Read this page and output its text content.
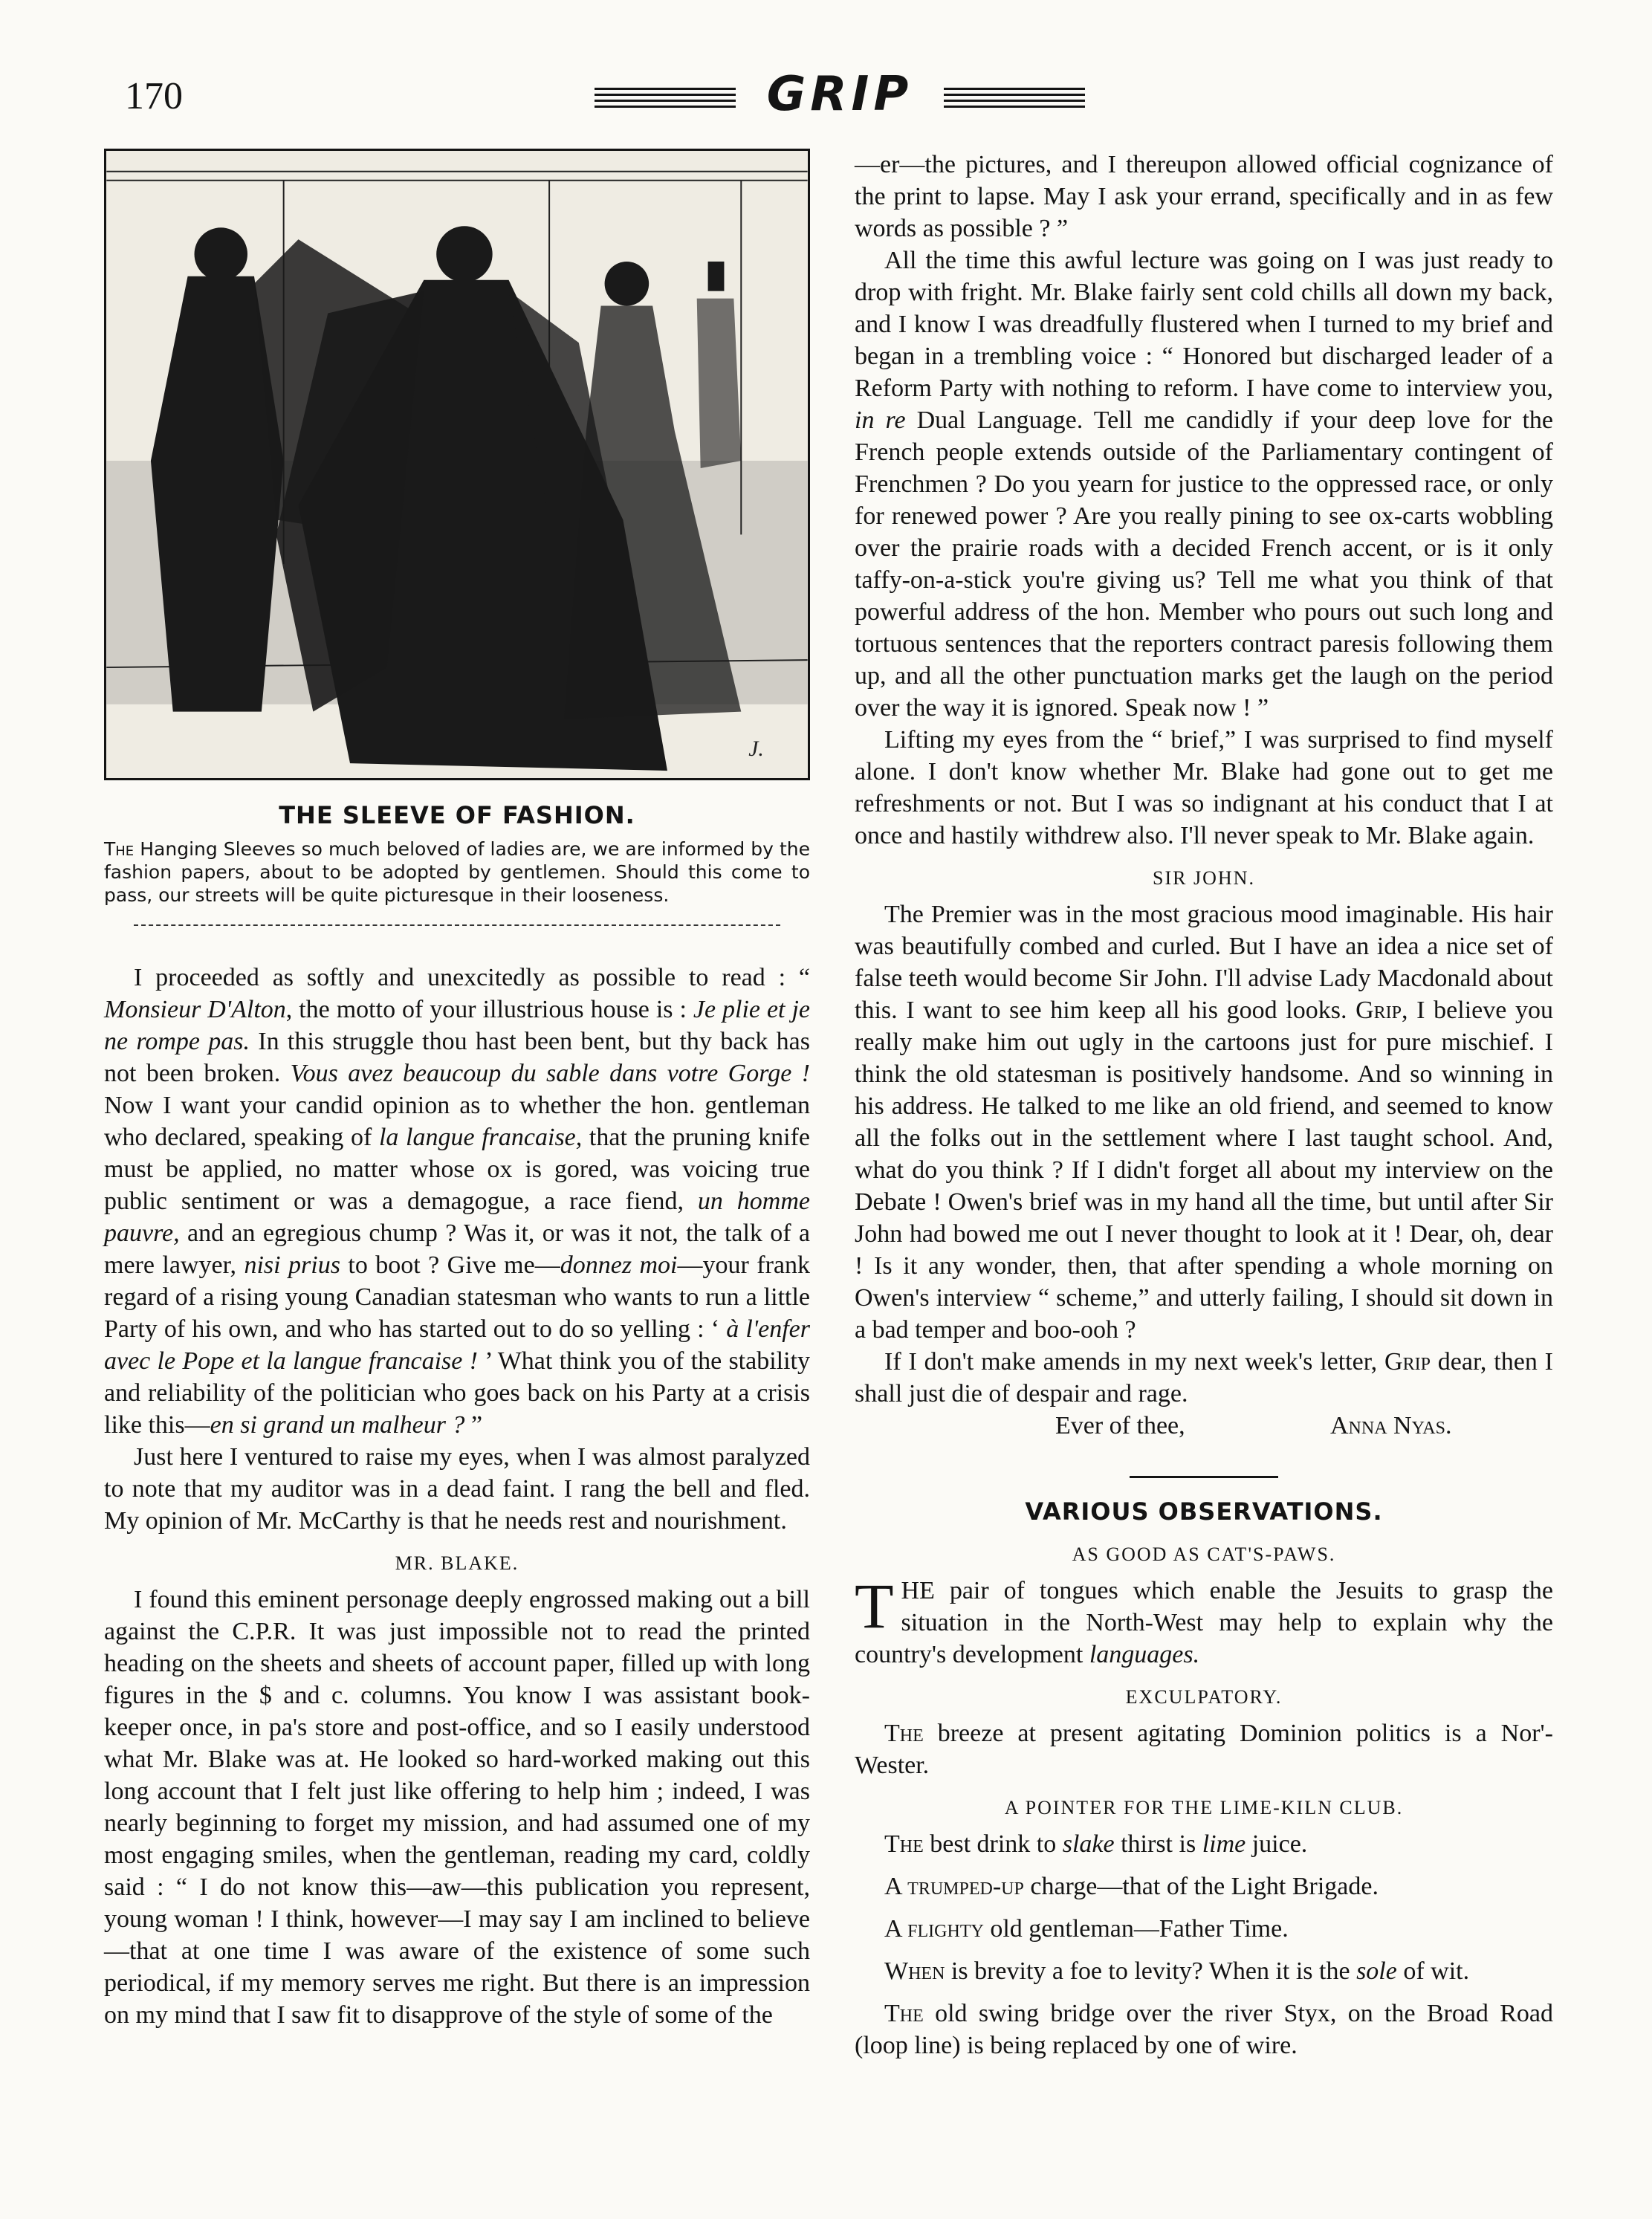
170	GRIP
J.
THE SLEEVE OF FASHION.
The Hanging Sleeves so much beloved of ladies are, we are informed by the fashion papers, about to be adopted by gentlemen. Should this come to pass, our streets will be quite picturesque in their looseness.

I proceeded as softly and unexcitedly as possible to read : “ Monsieur D'Alton, the motto of your illustrious house is : Je plie et je ne rompe pas. In this struggle thou hast been bent, but thy back has not been broken. Vous avez beaucoup du sable dans votre Gorge ! Now I want your candid opinion as to whether the hon. gentleman who declared, speaking of la langue francaise, that the pruning knife must be applied, no matter whose ox is gored, was voicing true public sentiment or was a demagogue, a race fiend, un homme pauvre, and an egregious chump ? Was it, or was it not, the talk of a mere lawyer, nisi prius to boot ? Give me—donnez moi—your frank regard of a rising young Canadian statesman who wants to run a little Party of his own, and who has started out to do so yelling : ‘ à l'enfer avec le Pope et la langue francaise ! ’ What think you of the stability and reliability of the politician who goes back on his Party at a crisis like this—en si grand un malheur ? ”

Just here I ventured to raise my eyes, when I was almost paralyzed to note that my auditor was in a dead faint. I rang the bell and fled. My opinion of Mr. McCarthy is that he needs rest and nourishment.

MR. BLAKE.

I found this eminent personage deeply engrossed making out a bill against the C.P.R. It was just impossible not to read the printed heading on the sheets and sheets of account paper, filled up with long figures in the $ and c. columns. You know I was assistant book-keeper once, in pa's store and post-office, and so I easily understood what Mr. Blake was at. He looked so hard-worked making out this long account that I felt just like offering to help him ; indeed, I was nearly beginning to forget my mission, and had assumed one of my most engaging smiles, when the gentleman, reading my card, coldly said : “ I do not know this—aw—this publication you represent, young woman ! I think, however—I may say I am inclined to believe—that at one time I was aware of the existence of some such periodical, if my memory serves me right. But there is an impression on my mind that I saw fit to disapprove of the style of some of the

—er—the pictures, and I thereupon allowed official cognizance of the print to lapse. May I ask your errand, specifically and in as few words as possible ? ”

All the time this awful lecture was going on I was just ready to drop with fright. Mr. Blake fairly sent cold chills all down my back, and I know I was dreadfully flustered when I turned to my brief and began in a trembling voice : “ Honored but discharged leader of a Reform Party with nothing to reform. I have come to interview you, in re Dual Language. Tell me candidly if your deep love for the French people extends outside of the Parliamentary contingent of Frenchmen ? Do you yearn for justice to the oppressed race, or only for renewed power ? Are you really pining to see ox-carts wobbling over the prairie roads with a decided French accent, or is it only taffy-on-a-stick you're giving us? Tell me what you think of that powerful address of the hon. Member who pours out such long and tortuous sentences that the reporters contract paresis following them up, and all the other punctuation marks get the laugh on the period over the way it is ignored. Speak now ! ”

Lifting my eyes from the “ brief,” I was surprised to find myself alone. I don't know whether Mr. Blake had gone out to get me refreshments or not. But I was so indignant at his conduct that I at once and hastily withdrew also. I'll never speak to Mr. Blake again.

SIR JOHN.

The Premier was in the most gracious mood imaginable. His hair was beautifully combed and curled. But I have an idea a nice set of false teeth would become Sir John. I'll advise Lady Macdonald about this. I want to see him keep all his good looks. Grip, I believe you really make him out ugly in the cartoons just for pure mischief. I think the old statesman is positively handsome. And so winning in his address. He talked to me like an old friend, and seemed to know all the folks out in the settlement where I last taught school. And, what do you think ? If I didn't forget all about my interview on the Debate ! Owen's brief was in my hand all the time, but until after Sir John had bowed me out I never thought to look at it ! Dear, oh, dear ! Is it any wonder, then, that after spending a whole morning on Owen's interview “ scheme,” and utterly failing, I should sit down in a bad temper and boo-ooh ?

If I don't make amends in my next week's letter, Grip dear, then I shall just die of despair and rage.

Ever of thee,	Anna Nyas.
VARIOUS OBSERVATIONS.
AS GOOD AS CAT'S-PAWS.

THE pair of tongues which enable the Jesuits to grasp the situation in the North-West may help to explain why the country's development languages.

EXCULPATORY.

The breeze at present agitating Dominion politics is a Nor'-Wester.

A POINTER FOR THE LIME-KILN CLUB.

The best drink to slake thirst is lime juice.

A trumped-up charge—that of the Light Brigade.

A flighty old gentleman—Father Time.

When is brevity a foe to levity? When it is the sole of wit.

The old swing bridge over the river Styx, on the Broad Road (loop line) is being replaced by one of wire.
